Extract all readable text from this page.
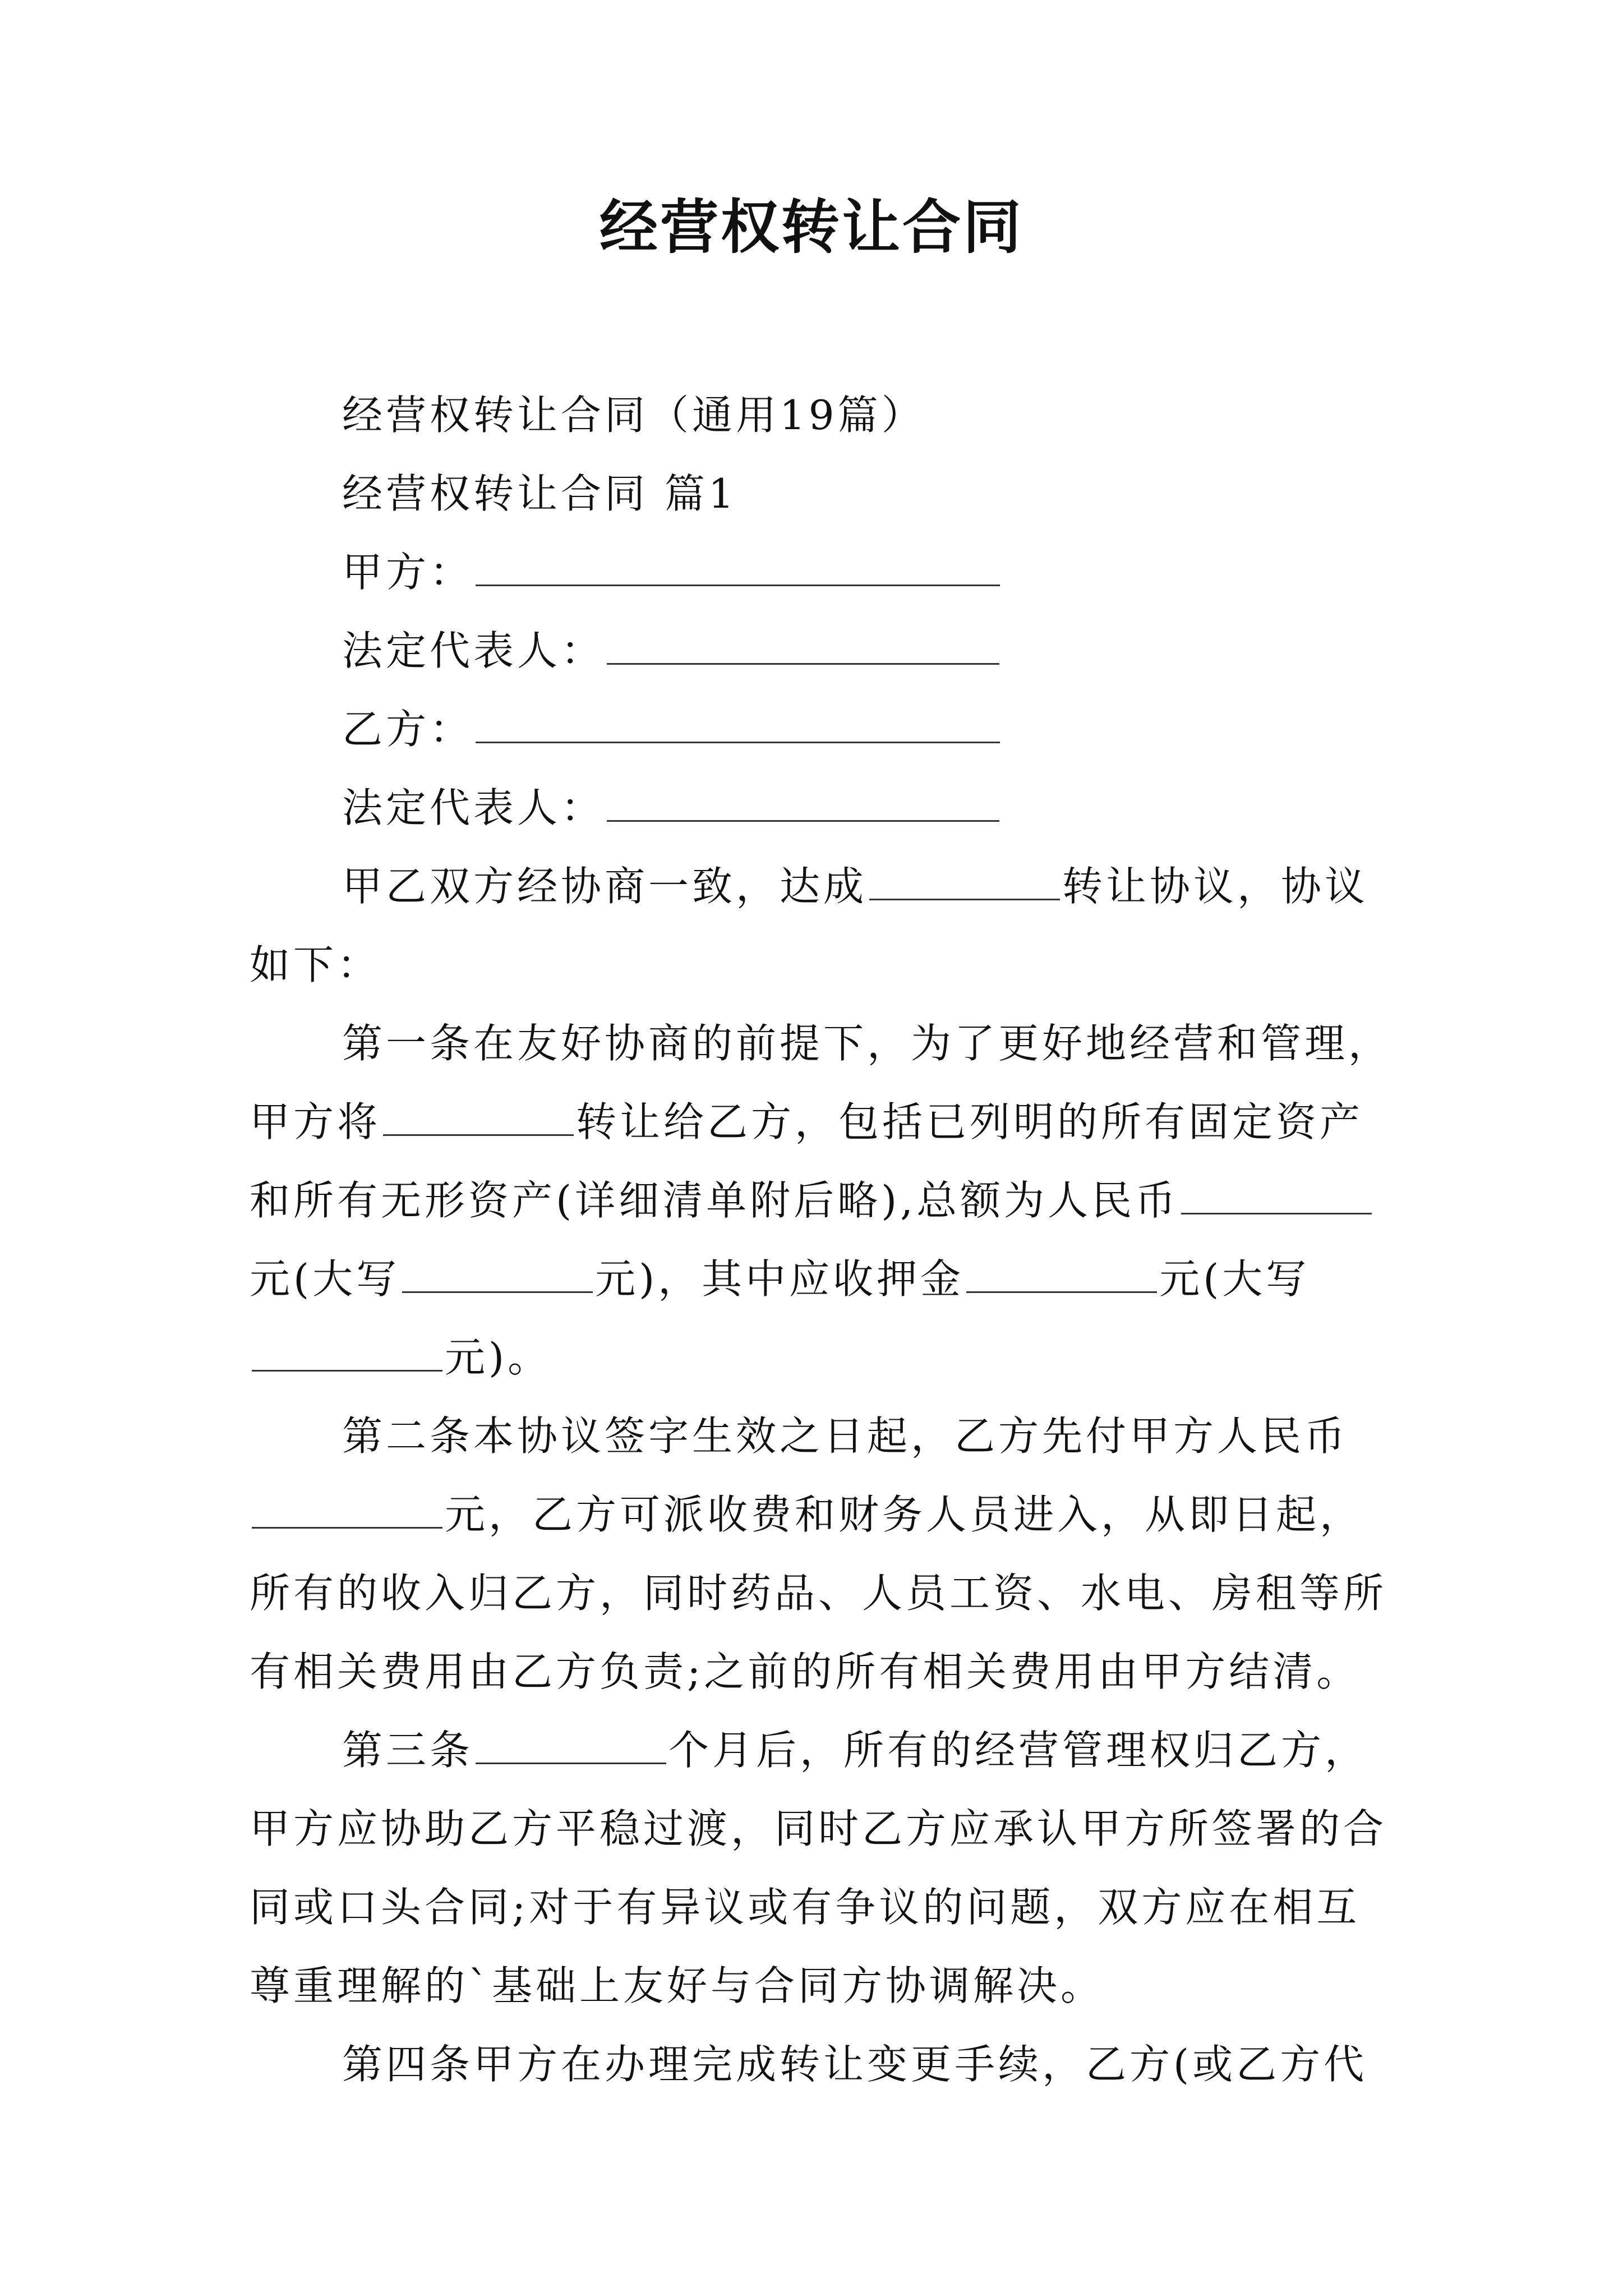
经营权转让合同
经营权转让合同（通用19篇）
经营权转让合同 篇1
甲方：
法定代表人：
乙方：
法定代表人：
甲乙双方经协商一致，达成	转让协议，协议
如下：
第一条在友好协商的前提下，为了更好地经营和管理，
甲方将	转让给乙方，包括已列明的所有固定资产
和所有无形资产(详细清单附后略),总额为人民币
元(大写	元)，其中应收押金	元(大写
元)。
第二条本协议签字生效之日起，乙方先付甲方人民币
元，乙方可派收费和财务人员进入，从即日起，
所有的收入归乙方，同时药品、人员工资、水电、房租等所
有相关费用由乙方负责;之前的所有相关费用由甲方结清。
第三条	个月后，所有的经营管理权归乙方，
甲方应协助乙方平稳过渡，同时乙方应承认甲方所签署的合
同或口头合同;对于有异议或有争议的问题，双方应在相互
尊重理解的`基础上友好与合同方协调解决。
第四条甲方在办理完成转让变更手续，乙方(或乙方代
